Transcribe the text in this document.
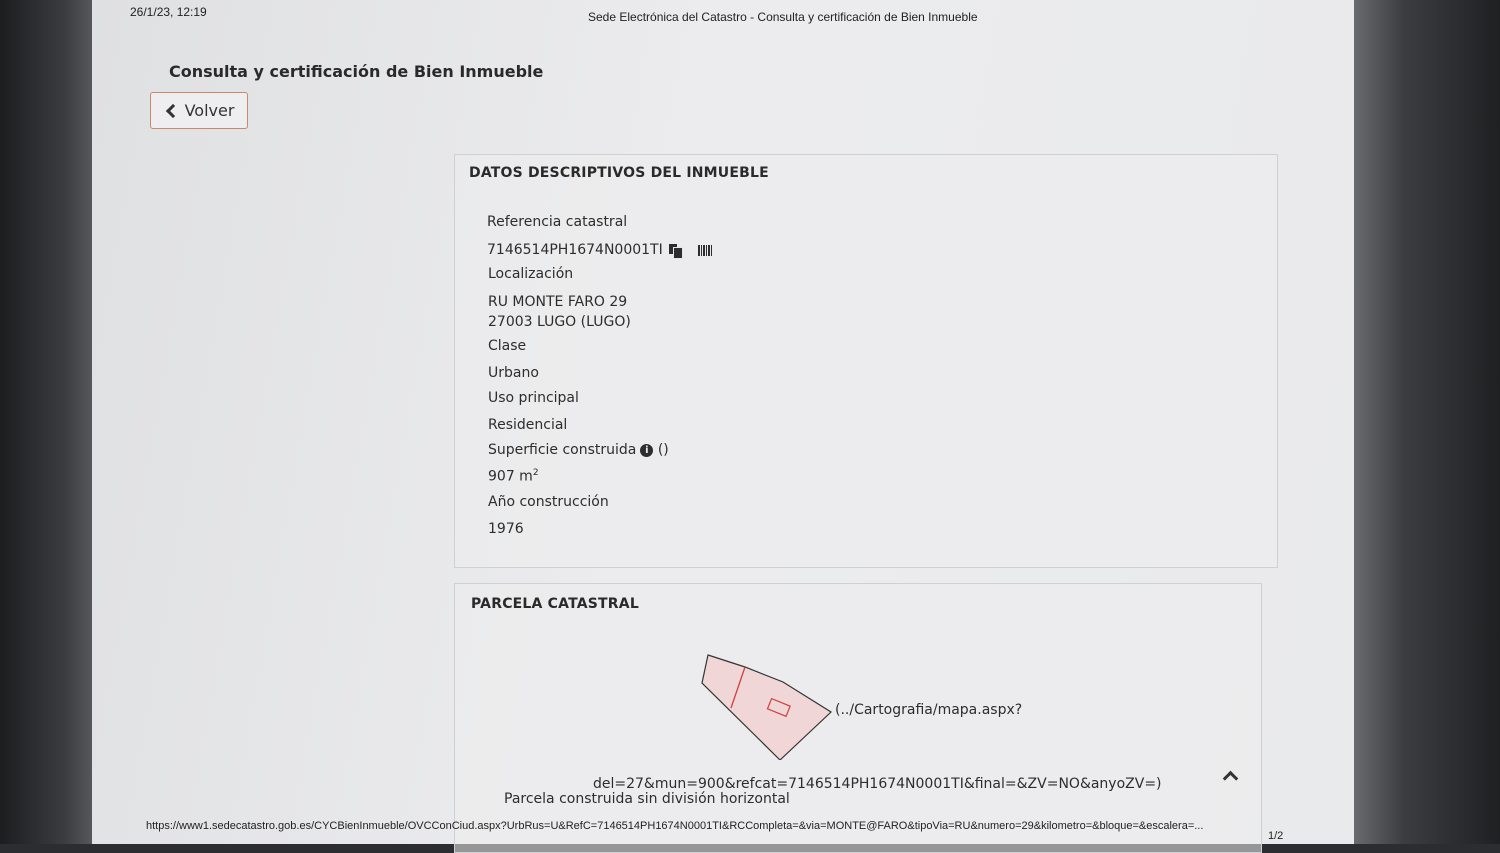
26/1/23, 12:19	Sede Electrónica del Catastro - Consulta y certificación de Bien Inmueble
Consulta y certificación de Bien Inmueble
Volver
DATOS DESCRIPTIVOS DEL INMUEBLE
Referencia catastral
7146514PH1674N0001TI
Localización
RU MONTE FARO 29
27003 LUGO (LUGO)
Clase
Urbano
Uso principal
Residencial
Superficie construida i ()
907 $m^2$
Año construcción
1976
PARCELA CATASTRAL
(../Cartografia/mapa.aspx?
del=27&mun=900&refcat=7146514PH1674N0001TI&final=&ZV=NO&anyoZV=)
Parcela construida sin división horizontal
https://www1.sedecatastro.gob.es/CYCBienInmueble/OVCConCiud.aspx?UrbRus=U&RefC=7146514PH1674N0001TI&RCCompleta=&via=MONTE@FARO&tipoVia=RU&numero=29&kilometro=&bloque=&escalera=...
1/2
